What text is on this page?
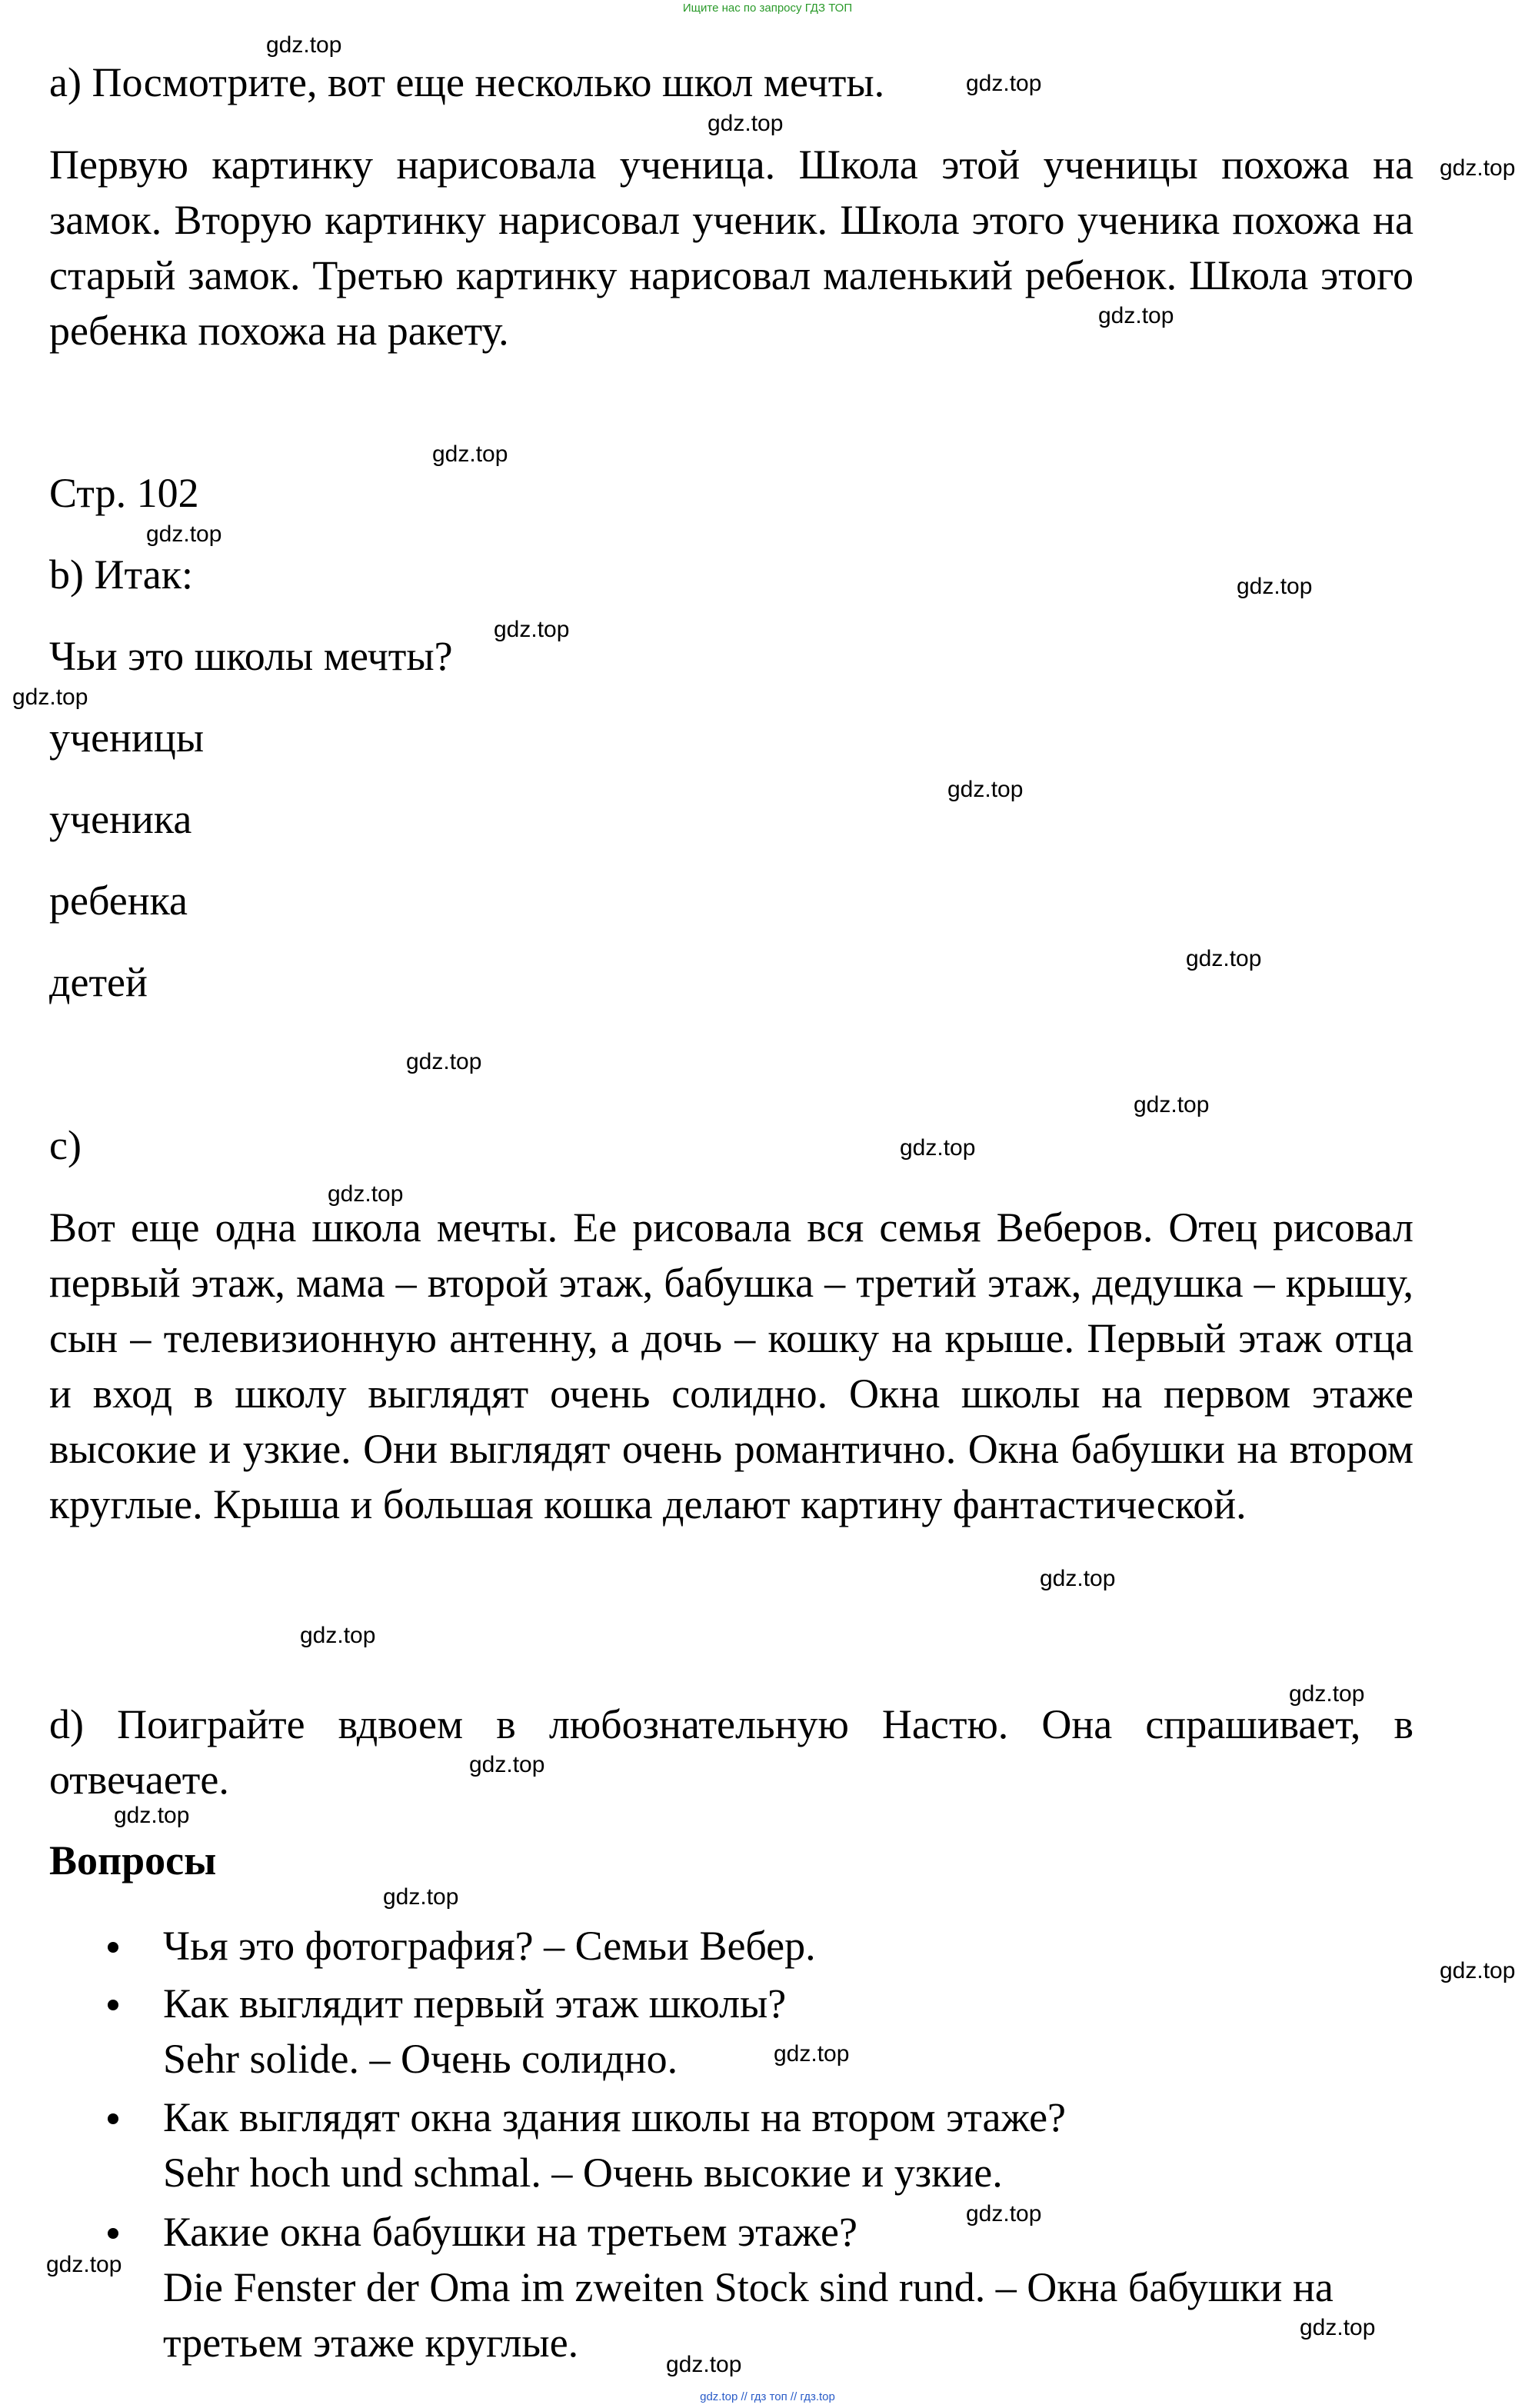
Ищите нас по запросу ГДЗ ТОП
а) Посмотрите, вот еще несколько школ мечты.
Первую картинку нарисовала ученица. Школа этой ученицы похожа на замок. Вторую картинку нарисовал ученик. Школа этого ученика похожа на старый замок. Третью картинку нарисовал маленький ребенок. Школа этого ребенка похожа на ракету.
Стр. 102
b) Итак:
Чьи это школы мечты?
ученицы
ученика
ребенка
детей
c)
Вот еще одна школа мечты. Ее рисовала вся семья Веберов. Отец рисовал первый этаж, мама – второй этаж, бабушка – третий этаж, дедушка – крышу, сын – телевизионную антенну, а дочь – кошку на крыше. Первый этаж отца и вход в школу выглядят очень солидно. Окна школы на первом этаже высокие и узкие. Они выглядят очень романтично. Окна бабушки на втором круглые. Крыша и большая кошка делают картину фантастической.
d) Поиграйте вдвоем в любознательную Настю. Она спрашивает, в отвечаете.
Вопросы
Чья это фотография? – Семьи Вебер.
Как выглядит первый этаж школы?
Sehr solide. – Очень солидно.
Как выглядят окна здания школы на втором этаже?
Sehr hoch und schmal. – Очень высокие и узкие.
Какие окна бабушки на третьем этаже?
Die Fenster der Oma im zweiten Stock sind rund. – Окна бабушки на третьем этаже круглые.
gdz.top
gdz.top
gdz.top
gdz.top
gdz.top
gdz.top
gdz.top
gdz.top
gdz.top
gdz.top
gdz.top
gdz.top
gdz.top
gdz.top
gdz.top
gdz.top
gdz.top
gdz.top
gdz.top
gdz.top
gdz.top
gdz.top
gdz.top
gdz.top
gdz.top
gdz.top
gdz.top
gdz.top
gdz.top // гдз топ // гдз.top
